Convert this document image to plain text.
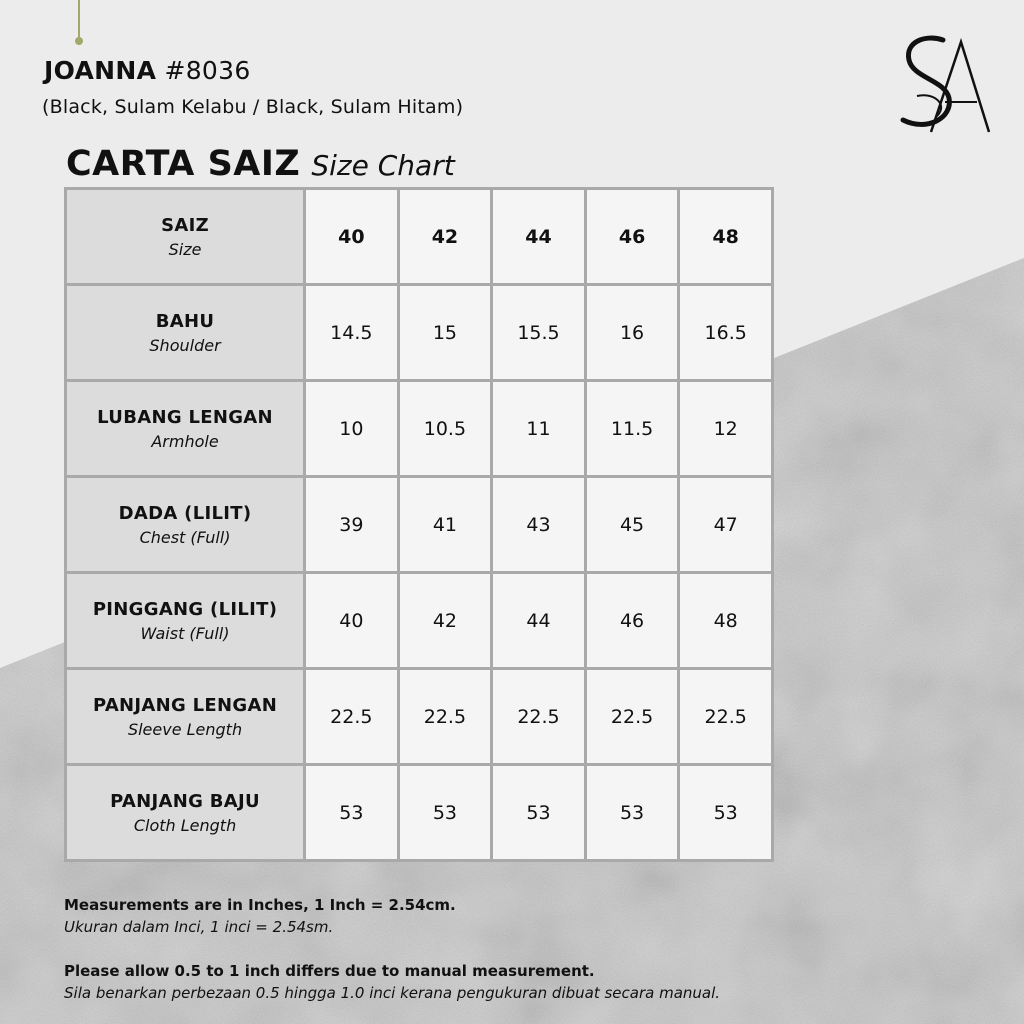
JOANNA #8036
(Black, Sulam Kelabu / Black, Sulam Hitam)
SA
CARTA SAIZ Size Chart
SAIZ
Size	40	42	44	46	48

BAHU
Shoulder	14.5	15	15.5	16	16.5

LUBANG LENGAN
Armhole	10	10.5	11	11.5	12

DADA (LILIT)
Chest (Full)	39	41	43	45	47

PINGGANG (LILIT)
Waist (Full)	40	42	44	46	48

PANJANG LENGAN
Sleeve Length	22.5	22.5	22.5	22.5	22.5

PANJANG BAJU
Cloth Length	53	53	53	53	53
Measurements are in Inches, 1 Inch = 2.54cm.
Ukuran dalam Inci, 1 inci = 2.54sm.
Please allow 0.5 to 1 inch differs due to manual measurement.
Sila benarkan perbezaan 0.5 hingga 1.0 inci kerana pengukuran dibuat secara manual.
